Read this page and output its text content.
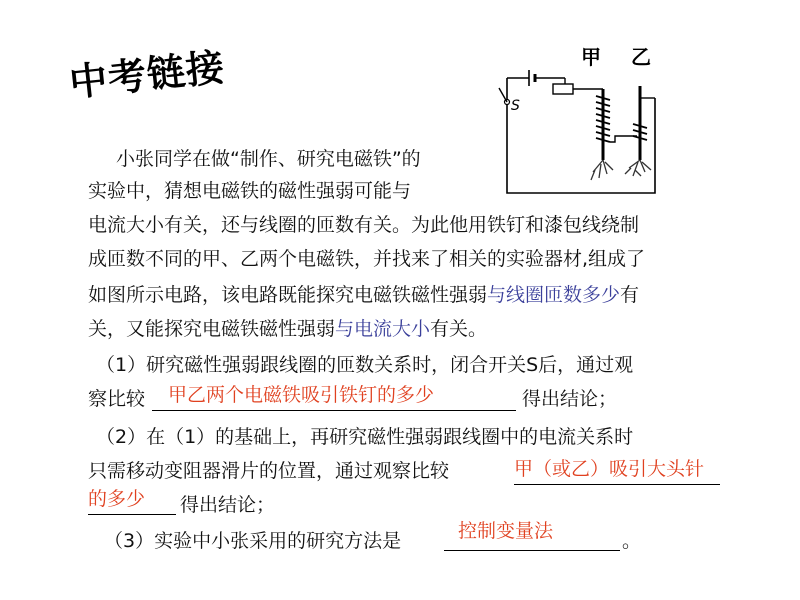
中考链接	甲 乙
S
小张同学在做“制作、研究电磁铁”的
实验中，猜想电磁铁的磁性强弱可能与
电流大小有关，还与线圈的匝数有关。为此他用铁钉和漆包线绕制
成匝数不同的甲、乙两个电磁铁，并找来了相关的实验器材,组成了
如图所示电路，该电路既能探究电磁铁磁性强弱与线圈匝数多少有
关，又能探究电磁铁磁性强弱与电流大小有关。
（1）研究磁性强弱跟线圈的匝数关系时，闭合开关S后，通过观
察比较 甲乙两个电磁铁吸引铁钉的多少	得出结论；
（2）在（1）的基础上，再研究磁性强弱跟线圈中的电流关系时
只需移动变阻器滑片的位置，通过观察比较	甲（或乙）吸引大头针
的多少 得出结论；
（3）实验中小张采用的研究方法是	控制变量法	。
